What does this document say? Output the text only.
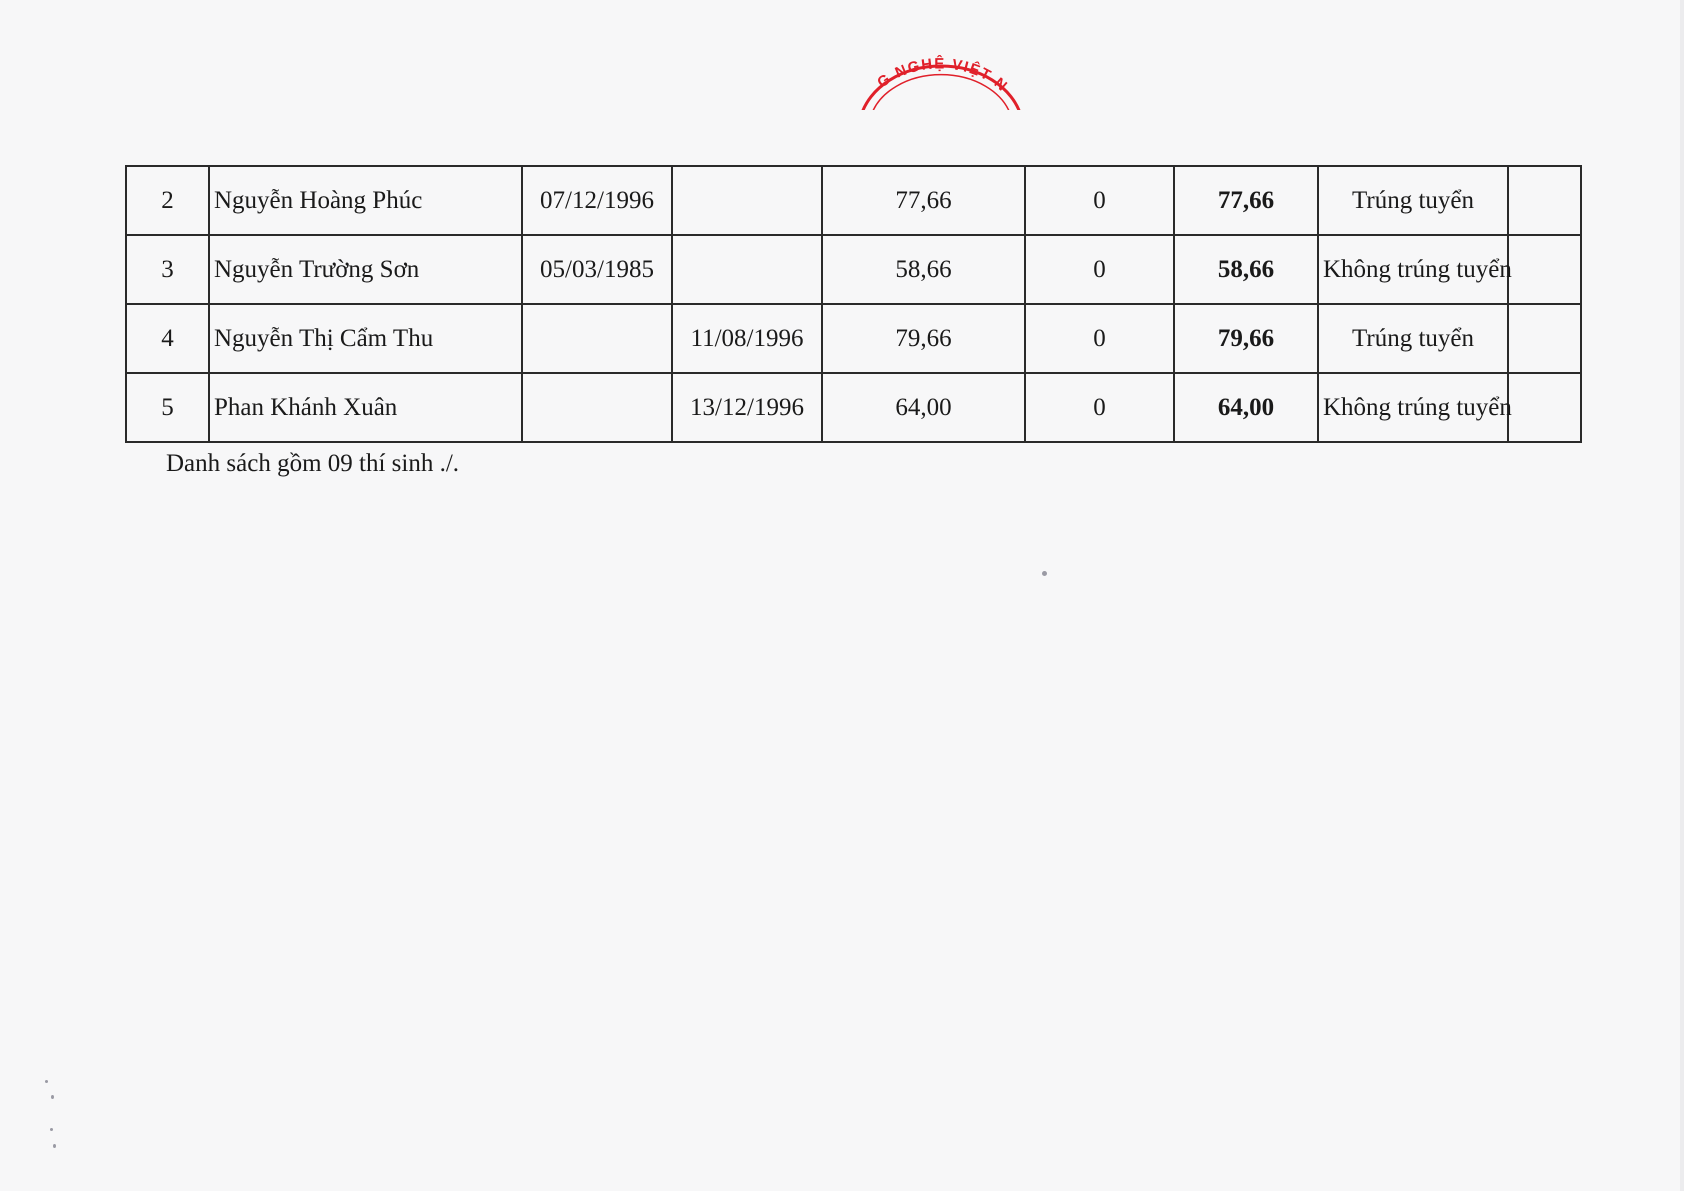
G NGHỆ VIỆT N
2	Nguyễn Hoàng Phúc	07/12/1996		77,66	0	77,66	Trúng tuyển	
3	Nguyễn Trường Sơn	05/03/1985		58,66	0	58,66	Không trúng tuyển	
4	Nguyễn Thị Cẩm Thu		11/08/1996	79,66	0	79,66	Trúng tuyển	
5	Phan Khánh Xuân		13/12/1996	64,00	0	64,00	Không trúng tuyển	
Danh sách gồm 09 thí sinh ./.
